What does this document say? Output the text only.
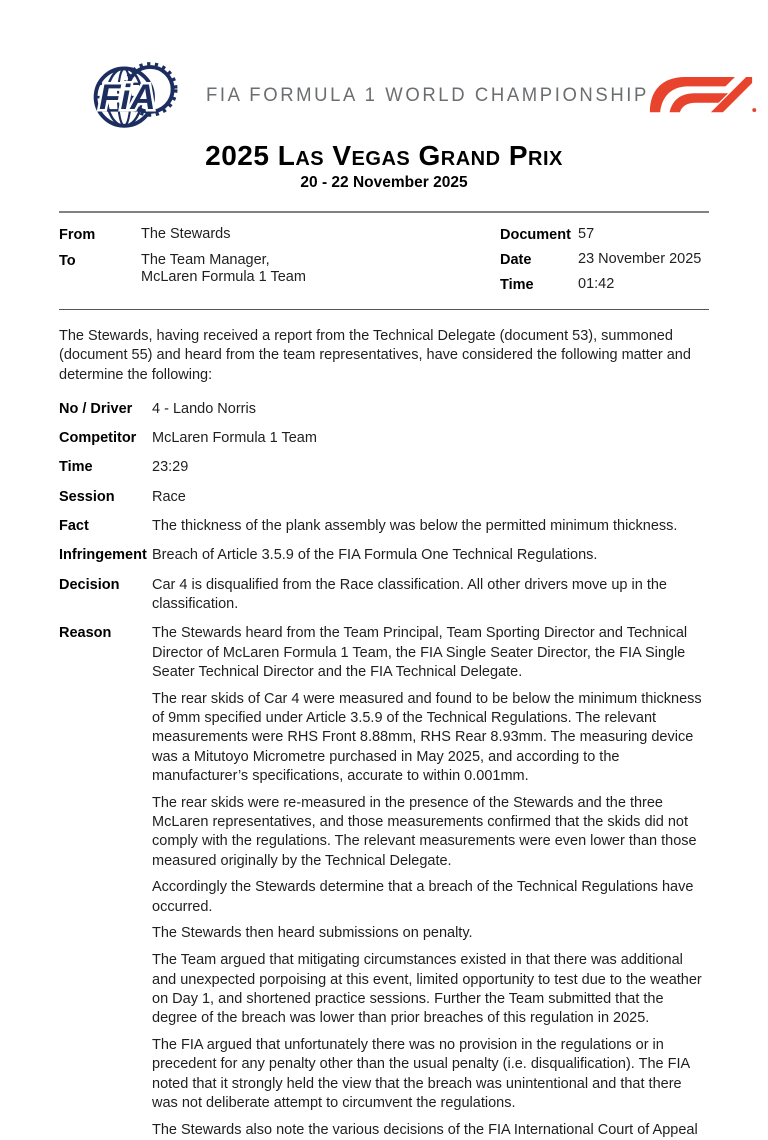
FiA	FIA FORMULA 1 WORLD CHAMPIONSHIP
2025 Las Vegas Grand Prix
20 - 22 November 2025
From	The Stewards
To	The Team Manager,
McLaren Formula 1 Team
Document 57
Date	23 November 2025
Time	01:42

The Stewards, having received a report from the Technical Delegate (document 53), summoned (document 55) and heard from the team representatives, have considered the following matter and determine the following:

No / Driver	4 - Lando Norris
Competitor	McLaren Formula 1 Team
Time	23:29
Session	Race
Fact	The thickness of the plank assembly was below the permitted minimum thickness.
Infringement Breach of Article 3.5.9 of the FIA Formula One Technical Regulations.
Decision	Car 4 is disqualified from the Race classification. All other drivers move up in the classification.
Reason	The Stewards heard from the Team Principal, Team Sporting Director and Technical Director of McLaren Formula 1 Team, the FIA Single Seater Director, the FIA Single Seater Technical Director and the FIA Technical Delegate.

The rear skids of Car 4 were measured and found to be below the minimum thickness of 9mm specified under Article 3.5.9 of the Technical Regulations. The relevant measurements were RHS Front 8.88mm, RHS Rear 8.93mm. The measuring device was a Mitutoyo Micrometre purchased in May 2025, and according to the manufacturer’s specifications, accurate to within 0.001mm.

The rear skids were re-measured in the presence of the Stewards and the three McLaren representatives, and those measurements confirmed that the skids did not comply with the regulations. The relevant measurements were even lower than those measured originally by the Technical Delegate.

Accordingly the Stewards determine that a breach of the Technical Regulations have occurred.

The Stewards then heard submissions on penalty.

The Team argued that mitigating circumstances existed in that there was additional and unexpected porpoising at this event, limited opportunity to test due to the weather on Day 1, and shortened practice sessions. Further the Team submitted that the degree of the breach was lower than prior breaches of this regulation in 2025.

The FIA argued that unfortunately there was no provision in the regulations or in precedent for any penalty other than the usual penalty (i.e. disqualification). The FIA noted that it strongly held the view that the breach was unintentional and that there was not deliberate attempt to circumvent the regulations.

The Stewards also note the various decisions of the FIA International Court of Appeal
